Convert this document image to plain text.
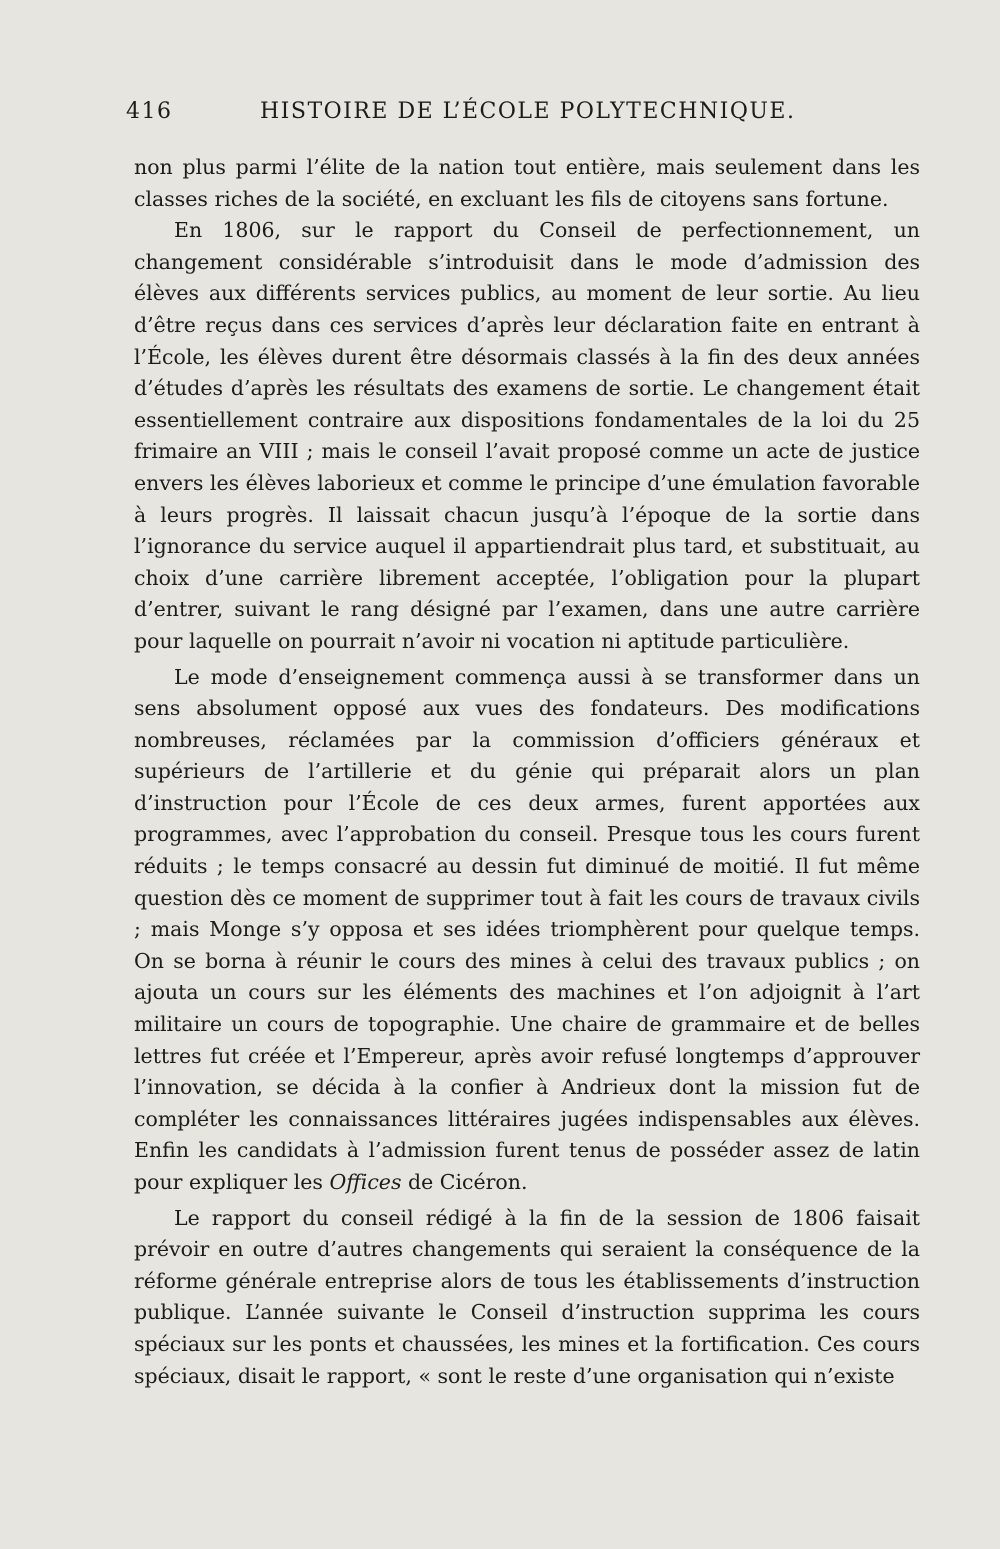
416	HISTOIRE DE L’ÉCOLE POLYTECHNIQUE.

non plus parmi l’élite de la nation tout entière, mais seulement dans les classes riches de la société, en excluant les fils de citoyens sans fortune.

En 1806, sur le rapport du Conseil de perfectionnement, un changement considérable s’introduisit dans le mode d’admission des élèves aux différents services publics, au moment de leur sortie. Au lieu d’être reçus dans ces services d’après leur déclaration faite en entrant à l’École, les élèves durent être désormais classés à la fin des deux années d’études d’après les résultats des examens de sortie. Le changement était essentiellement contraire aux dispositions fondamentales de la loi du 25 frimaire an VIII ; mais le conseil l’avait proposé comme un acte de justice envers les élèves laborieux et comme le principe d’une émulation favorable à leurs progrès. Il laissait chacun jusqu’à l’époque de la sortie dans l’ignorance du service auquel il appartiendrait plus tard, et substituait, au choix d’une carrière librement acceptée, l’obligation pour la plupart d’entrer, suivant le rang désigné par l’examen, dans une autre carrière pour laquelle on pourrait n’avoir ni vocation ni aptitude particulière.

Le mode d’enseignement commença aussi à se transformer dans un sens absolument opposé aux vues des fondateurs. Des modifications nombreuses, réclamées par la commission d’officiers généraux et supérieurs de l’artillerie et du génie qui préparait alors un plan d’instruction pour l’École de ces deux armes, furent apportées aux programmes, avec l’approbation du conseil. Presque tous les cours furent réduits ; le temps consacré au dessin fut diminué de moitié. Il fut même question dès ce moment de supprimer tout à fait les cours de travaux civils ; mais Monge s’y opposa et ses idées triomphèrent pour quelque temps. On se borna à réunir le cours des mines à celui des travaux publics ; on ajouta un cours sur les éléments des machines et l’on adjoignit à l’art militaire un cours de topographie. Une chaire de grammaire et de belles lettres fut créée et l’Empereur, après avoir refusé longtemps d’approuver l’innovation, se décida à la confier à Andrieux dont la mission fut de compléter les connaissances littéraires jugées indispensables aux élèves. Enfin les candidats à l’admission furent tenus de posséder assez de latin pour expliquer les Offices de Cicéron.

Le rapport du conseil rédigé à la fin de la session de 1806 faisait prévoir en outre d’autres changements qui seraient la conséquence de la réforme générale entreprise alors de tous les établissements d’instruction publique. L’année suivante le Conseil d’instruction supprima les cours spéciaux sur les ponts et chaussées, les mines et la fortification. Ces cours spéciaux, disait le rapport, « sont le reste d’une organisation qui n’existe
